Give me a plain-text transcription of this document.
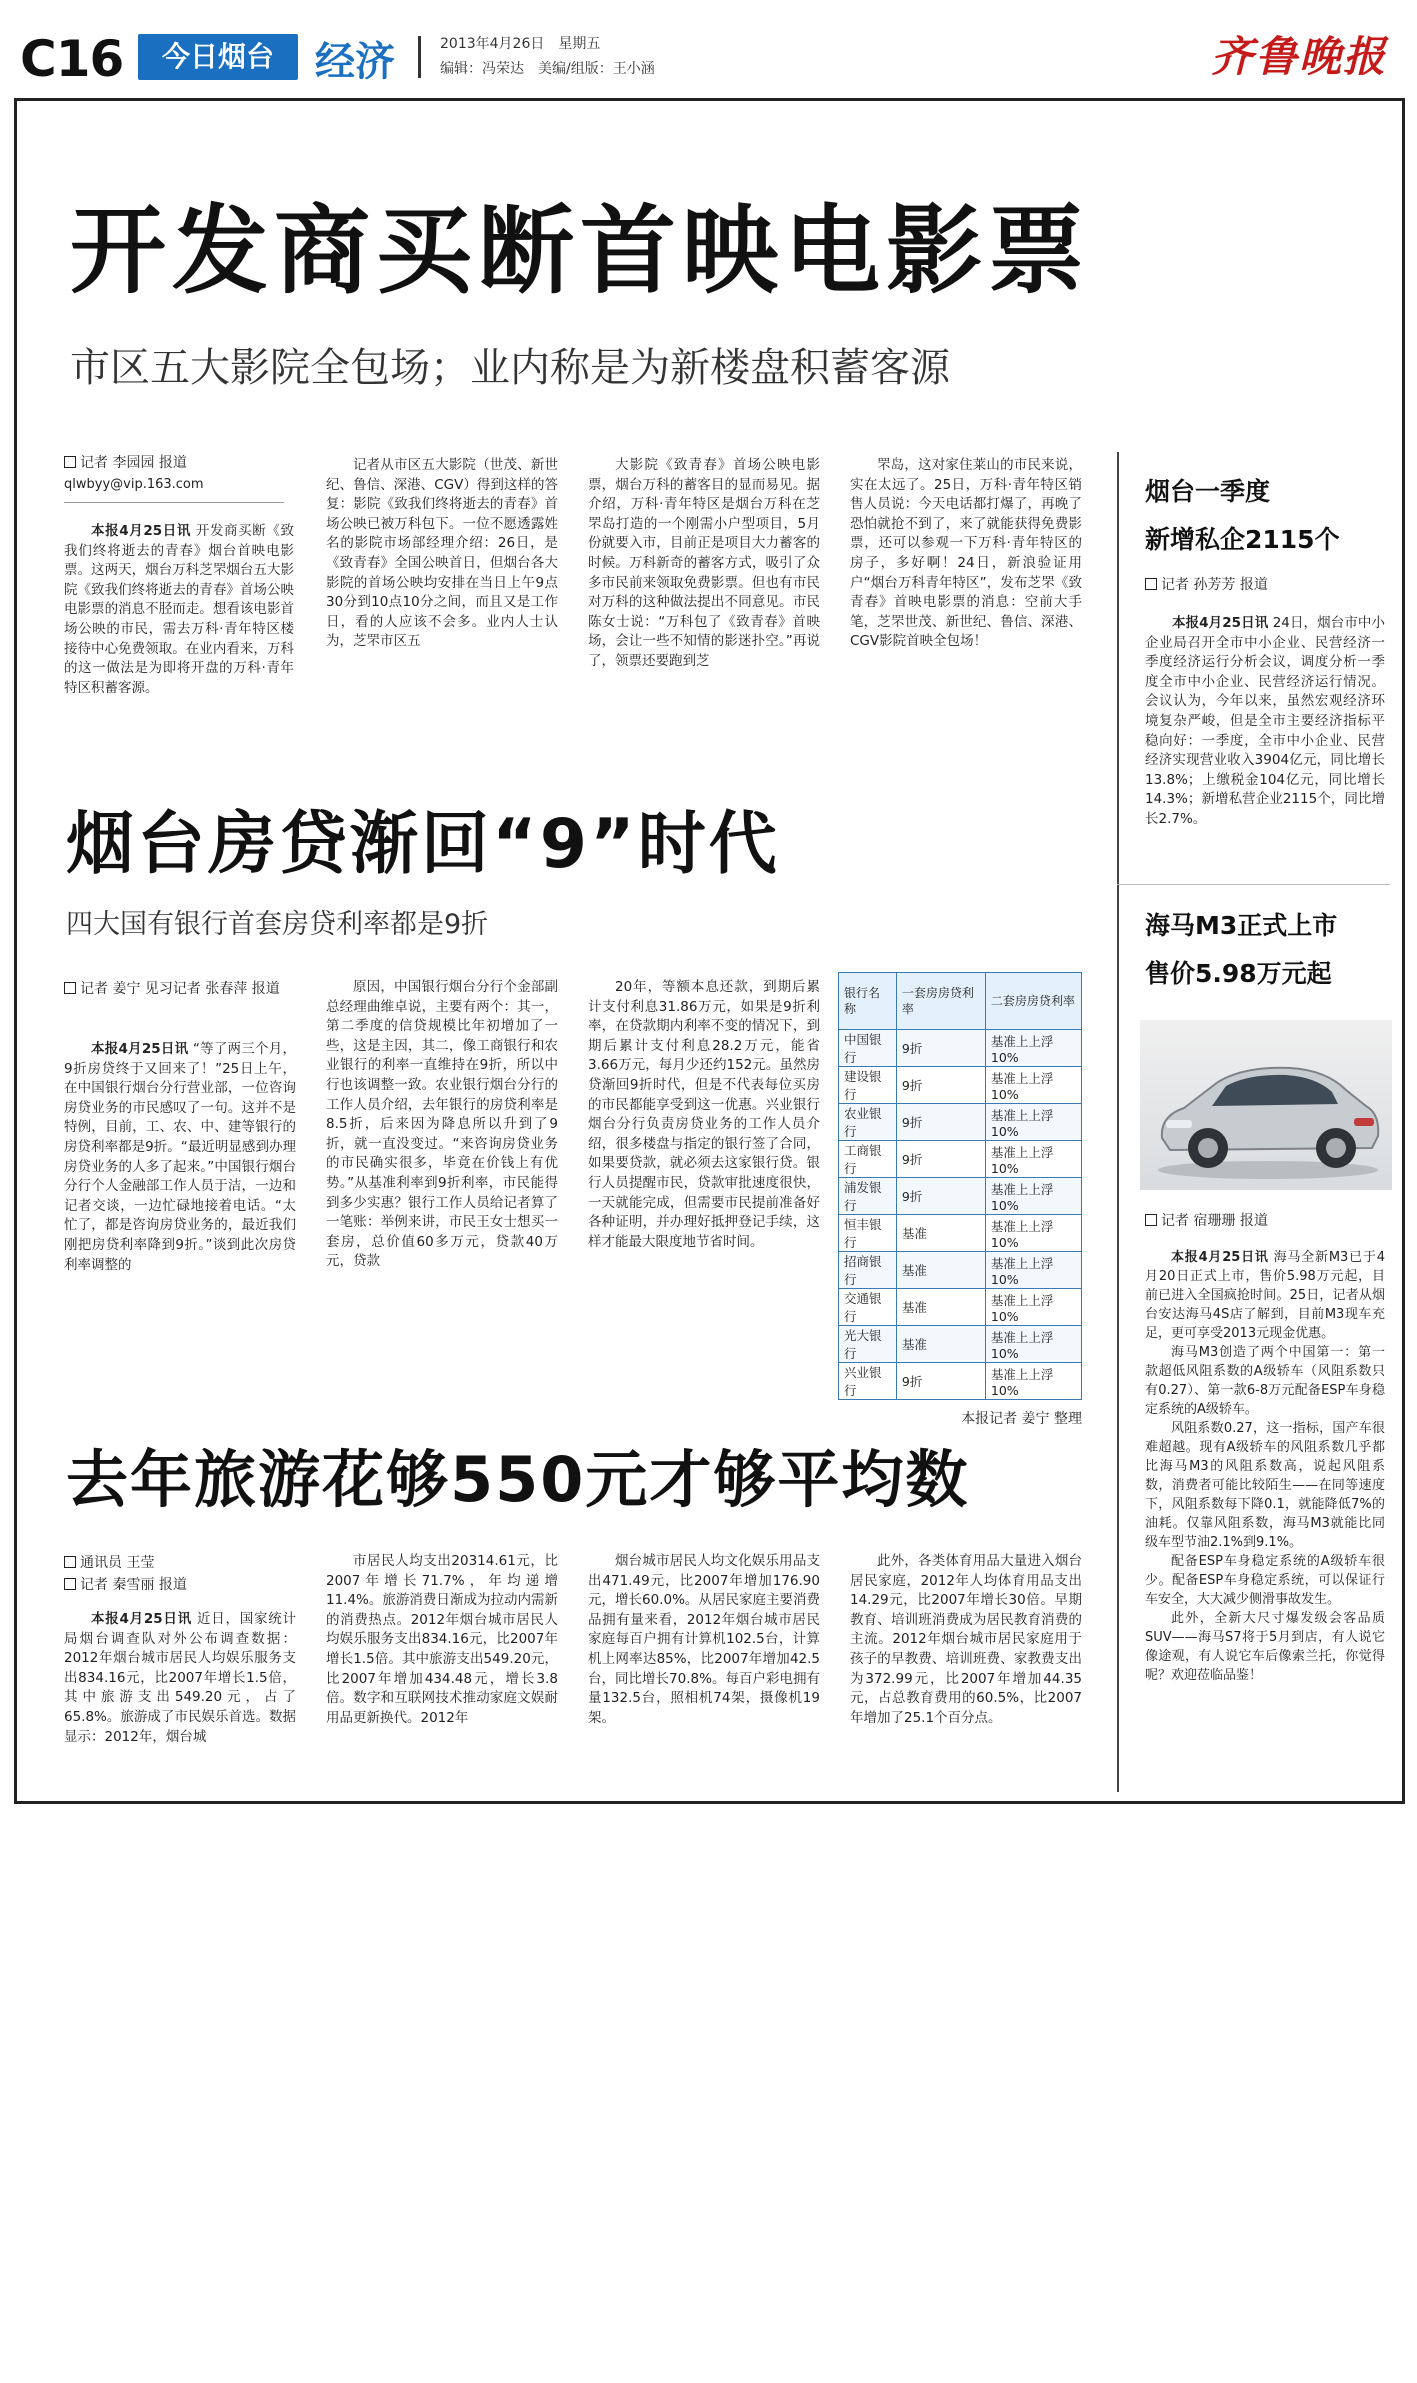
C16	今日烟台	经济	2013年4月26日 星期五
编辑：冯荣达 美编/组版：王小涵	齐鲁晚报
开发商买断首映电影票
市区五大影院全包场；业内称是为新楼盘积蓄客源
记者 李园园 报道
qlwbyy@vip.163.com

本报4月25日讯 开发商买断《致我们终将逝去的青春》烟台首映电影票。这两天，烟台万科芝罘烟台五大影院《致我们终将逝去的青春》首场公映电影票的消息不胫而走。想看该电影首场公映的市民，需去万科·青年特区楼接待中心免费领取。在业内看来，万科的这一做法是为即将开盘的万科·青年特区积蓄客源。

记者从市区五大影院（世茂、新世纪、鲁信、深港、CGV）得到这样的答复：影院《致我们终将逝去的青春》首场公映已被万科包下。一位不愿透露姓名的影院市场部经理介绍：26日，是《致青春》全国公映首日，但烟台各大影院的首场公映均安排在当日上午9点30分到10点10分之间，而且又是工作日，看的人应该不会多。业内人士认为，芝罘市区五

大影院《致青春》首场公映电影票，烟台万科的蓄客目的显而易见。据介绍，万科·青年特区是烟台万科在芝罘岛打造的一个刚需小户型项目，5月份就要入市，目前正是项目大力蓄客的时候。万科新奇的蓄客方式，吸引了众多市民前来领取免费影票。但也有市民对万科的这种做法提出不同意见。市民陈女士说：“万科包了《致青春》首映场，会让一些不知情的影迷扑空。”再说了，领票还要跑到芝

罘岛，这对家住莱山的市民来说，实在太远了。25日，万科·青年特区销售人员说：今天电话都打爆了，再晚了恐怕就抢不到了，来了就能获得免费影票，还可以参观一下万科·青年特区的房子，多好啊！24日，新浪验证用户“烟台万科青年特区”，发布芝罘《致青春》首映电影票的消息：空前大手笔，芝罘世茂、新世纪、鲁信、深港、CGV影院首映全包场！

烟台房贷渐回“9”时代
四大国有银行首套房贷利率都是9折
记者 姜宁 见习记者 张春萍 报道

本报4月25日讯 “等了两三个月，9折房贷终于又回来了！”25日上午，在中国银行烟台分行营业部，一位咨询房贷业务的市民感叹了一句。这并不是特例，目前，工、农、中、建等银行的房贷利率都是9折。“最近明显感到办理房贷业务的人多了起来。”中国银行烟台分行个人金融部工作人员于洁，一边和记者交谈，一边忙碌地接着电话。“太忙了，都是咨询房贷业务的，最近我们刚把房贷利率降到9折。”谈到此次房贷利率调整的

原因，中国银行烟台分行个金部副总经理曲维卓说，主要有两个：其一，第二季度的信贷规模比年初增加了一些，这是主因，其二，像工商银行和农业银行的利率一直维持在9折，所以中行也该调整一致。农业银行烟台分行的工作人员介绍，去年银行的房贷利率是8.5折，后来因为降息所以升到了9折，就一直没变过。“来咨询房贷业务的市民确实很多，毕竟在价钱上有优势。”从基准利率到9折利率，市民能得到多少实惠？银行工作人员给记者算了一笔账：举例来讲，市民王女士想买一套房，总价值60多万元，贷款40万元，贷款

20年，等额本息还款，到期后累计支付利息31.86万元，如果是9折利率，在贷款期内利率不变的情况下，到期后累计支付利息28.2万元，能省3.66万元，每月少还约152元。虽然房贷渐回9折时代，但是不代表每位买房的市民都能享受到这一优惠。兴业银行烟台分行负责房贷业务的工作人员介绍，很多楼盘与指定的银行签了合同，如果要贷款，就必须去这家银行贷。银行人员提醒市民，贷款审批速度很快，一天就能完成，但需要市民提前准备好各种证明，并办理好抵押登记手续，这样才能最大限度地节省时间。

银行名称	一套房房贷利率	二套房房贷利率
中国银行	9折	基准上上浮10%
建设银行	9折	基准上上浮10%
农业银行	9折	基准上上浮10%
工商银行	9折	基准上上浮10%
浦发银行	9折	基准上上浮10%
恒丰银行	基准	基准上上浮10%
招商银行	基准	基准上上浮10%
交通银行	基准	基准上上浮10%
光大银行	基准	基准上上浮10%
兴业银行	9折	基准上上浮10%
本报记者 姜宁 整理
去年旅游花够550元才够平均数
通讯员 王莹
记者 秦雪丽 报道

本报4月25日讯 近日，国家统计局烟台调查队对外公布调查数据：2012年烟台城市居民人均娱乐服务支出834.16元，比2007年增长1.5倍，其中旅游支出549.20元，占了65.8%。旅游成了市民娱乐首选。数据显示：2012年，烟台城

市居民人均支出20314.61元，比2007年增长71.7%，年均递增11.4%。旅游消费日渐成为拉动内需新的消费热点。2012年烟台城市居民人均娱乐服务支出834.16元，比2007年增长1.5倍。其中旅游支出549.20元，比2007年增加434.48元，增长3.8倍。数字和互联网技术推动家庭文娱耐用品更新换代。2012年

烟台城市居民人均文化娱乐用品支出471.49元，比2007年增加176.90元，增长60.0%。从居民家庭主要消费品拥有量来看，2012年烟台城市居民家庭每百户拥有计算机102.5台，计算机上网率达85%，比2007年增加42.5台，同比增长70.8%。每百户彩电拥有量132.5台，照相机74架，摄像机19架。

此外，各类体育用品大量进入烟台居民家庭，2012年人均体育用品支出14.29元，比2007年增长30倍。早期教育、培训班消费成为居民教育消费的主流。2012年烟台城市居民家庭用于孩子的早教费、培训班费、家教费支出为372.99元，比2007年增加44.35元，占总教育费用的60.5%，比2007年增加了25.1个百分点。

烟台一季度
新增私企2115个
记者 孙芳芳 报道

本报4月25日讯 24日，烟台市中小企业局召开全市中小企业、民营经济一季度经济运行分析会议，调度分析一季度全市中小企业、民营经济运行情况。会议认为，今年以来，虽然宏观经济环境复杂严峻，但是全市主要经济指标平稳向好：一季度，全市中小企业、民营经济实现营业收入3904亿元，同比增长13.8%；上缴税金104亿元，同比增长14.3%；新增私营企业2115个，同比增长2.7%。

海马M3正式上市
售价5.98万元起
记者 宿珊珊 报道

本报4月25日讯 海马全新M3已于4月20日正式上市，售价5.98万元起，目前已进入全国疯抢时间。25日，记者从烟台安达海马4S店了解到，目前M3现车充足，更可享受2013元现金优惠。

海马M3创造了两个中国第一：第一款超低风阻系数的A级轿车（风阻系数只有0.27）、第一款6-8万元配备ESP车身稳定系统的A级轿车。

风阻系数0.27，这一指标，国产车很难超越。现有A级轿车的风阻系数几乎都比海马M3的风阻系数高，说起风阻系数，消费者可能比较陌生——在同等速度下，风阻系数每下降0.1，就能降低7%的油耗。仅靠风阻系数，海马M3就能比同级车型节油2.1%到9.1%。

配备ESP车身稳定系统的A级轿车很少。配备ESP车身稳定系统，可以保证行车安全，大大减少侧滑事故发生。

此外，全新大尺寸爆发级会客品质SUV——海马S7将于5月到店，有人说它像途观，有人说它车后像索兰托，你觉得呢？欢迎莅临品鉴！
